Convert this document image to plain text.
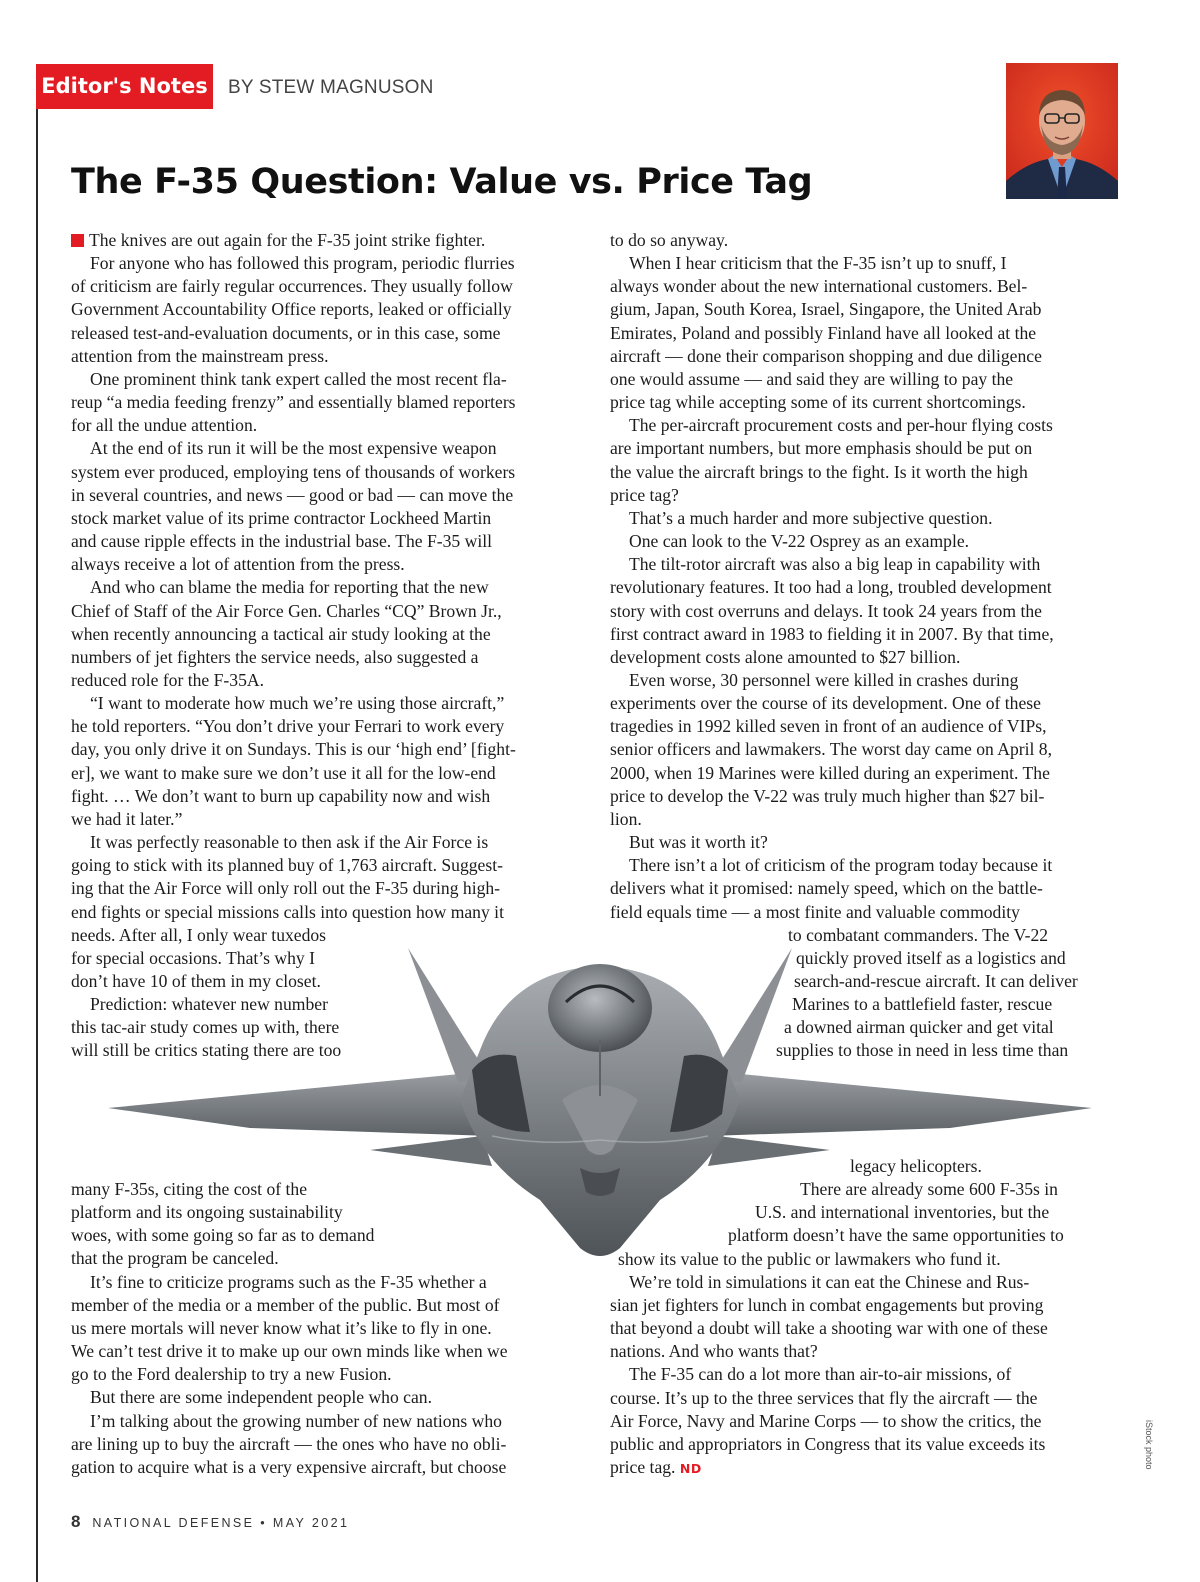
Editor's Notes BY STEW MAGNUSON
The F-35 Question: Value vs. Price Tag

The knives are out again for the F-35 joint strike fighter.

For anyone who has followed this program, periodic flurries

of criticism are fairly regular occurrences. They usually follow

Government Accountability Office reports, leaked or officially

released test-and-evaluation documents, or in this case, some

attention from the mainstream press.

One prominent think tank expert called the most recent fla-

reup “a media feeding frenzy” and essentially blamed reporters

for all the undue attention.

At the end of its run it will be the most expensive weapon

system ever produced, employing tens of thousands of workers

in several countries, and news — good or bad — can move the

stock market value of its prime contractor Lockheed Martin

and cause ripple effects in the industrial base. The F-35 will

always receive a lot of attention from the press.

And who can blame the media for reporting that the new

Chief of Staff of the Air Force Gen. Charles “CQ” Brown Jr.,

when recently announcing a tactical air study looking at the

numbers of jet fighters the service needs, also suggested a

reduced role for the F-35A.

“I want to moderate how much we’re using those aircraft,”

he told reporters. “You don’t drive your Ferrari to work every

day, you only drive it on Sundays. This is our ‘high end’ [fight-

er], we want to make sure we don’t use it all for the low-end

fight. … We don’t want to burn up capability now and wish

we had it later.”

It was perfectly reasonable to then ask if the Air Force is

going to stick with its planned buy of 1,763 aircraft. Suggest-

ing that the Air Force will only roll out the F-35 during high-

end fights or special missions calls into question how many it

needs. After all, I only wear tuxedos

for special occasions. That’s why I

don’t have 10 of them in my closet.

Prediction: whatever new number

this tac-air study comes up with, there

will still be critics stating there are too

to do so anyway.

When I hear criticism that the F-35 isn’t up to snuff, I

always wonder about the new international customers. Bel-

gium, Japan, South Korea, Israel, Singapore, the United Arab

Emirates, Poland and possibly Finland have all looked at the

aircraft — done their comparison shopping and due diligence

one would assume — and said they are willing to pay the

price tag while accepting some of its current shortcomings.

The per-aircraft procurement costs and per-hour flying costs

are important numbers, but more emphasis should be put on

the value the aircraft brings to the fight. Is it worth the high

price tag?

That’s a much harder and more subjective question.

One can look to the V-22 Osprey as an example.

The tilt-rotor aircraft was also a big leap in capability with

revolutionary features. It too had a long, troubled development

story with cost overruns and delays. It took 24 years from the

first contract award in 1983 to fielding it in 2007. By that time,

development costs alone amounted to $27 billion.

Even worse, 30 personnel were killed in crashes during

experiments over the course of its development. One of these

tragedies in 1992 killed seven in front of an audience of VIPs,

senior officers and lawmakers. The worst day came on April 8,

2000, when 19 Marines were killed during an experiment. The

price to develop the V-22 was truly much higher than $27 bil-

lion.

But was it worth it?

There isn’t a lot of criticism of the program today because it

delivers what it promised: namely speed, which on the battle-

field equals time — a most finite and valuable commodity

to combatant commanders. The V-22

quickly proved itself as a logistics and

search-and-rescue aircraft. It can deliver

Marines to a battlefield faster, rescue

a downed airman quicker and get vital

supplies to those in need in less time than

many F-35s, citing the cost of the

platform and its ongoing sustainability

woes, with some going so far as to demand

that the program be canceled.

It’s fine to criticize programs such as the F-35 whether a

member of the media or a member of the public. But most of

us mere mortals will never know what it’s like to fly in one.

We can’t test drive it to make up our own minds like when we

go to the Ford dealership to try a new Fusion.

But there are some independent people who can.

I’m talking about the growing number of new nations who

are lining up to buy the aircraft — the ones who have no obli-

gation to acquire what is a very expensive aircraft, but choose

legacy helicopters.

There are already some 600 F-35s in

U.S. and international inventories, but the

platform doesn’t have the same opportunities to

show its value to the public or lawmakers who fund it.

We’re told in simulations it can eat the Chinese and Rus-

sian jet fighters for lunch in combat engagements but proving

that beyond a doubt will take a shooting war with one of these

nations. And who wants that?

The F-35 can do a lot more than air-to-air missions, of

course. It’s up to the three services that fly the aircraft — the

Air Force, Navy and Marine Corps — to show the critics, the

public and appropriators in Congress that its value exceeds its

price tag. ND

8 NATIONAL DEFENSE • MAY 2021
iStock photo
